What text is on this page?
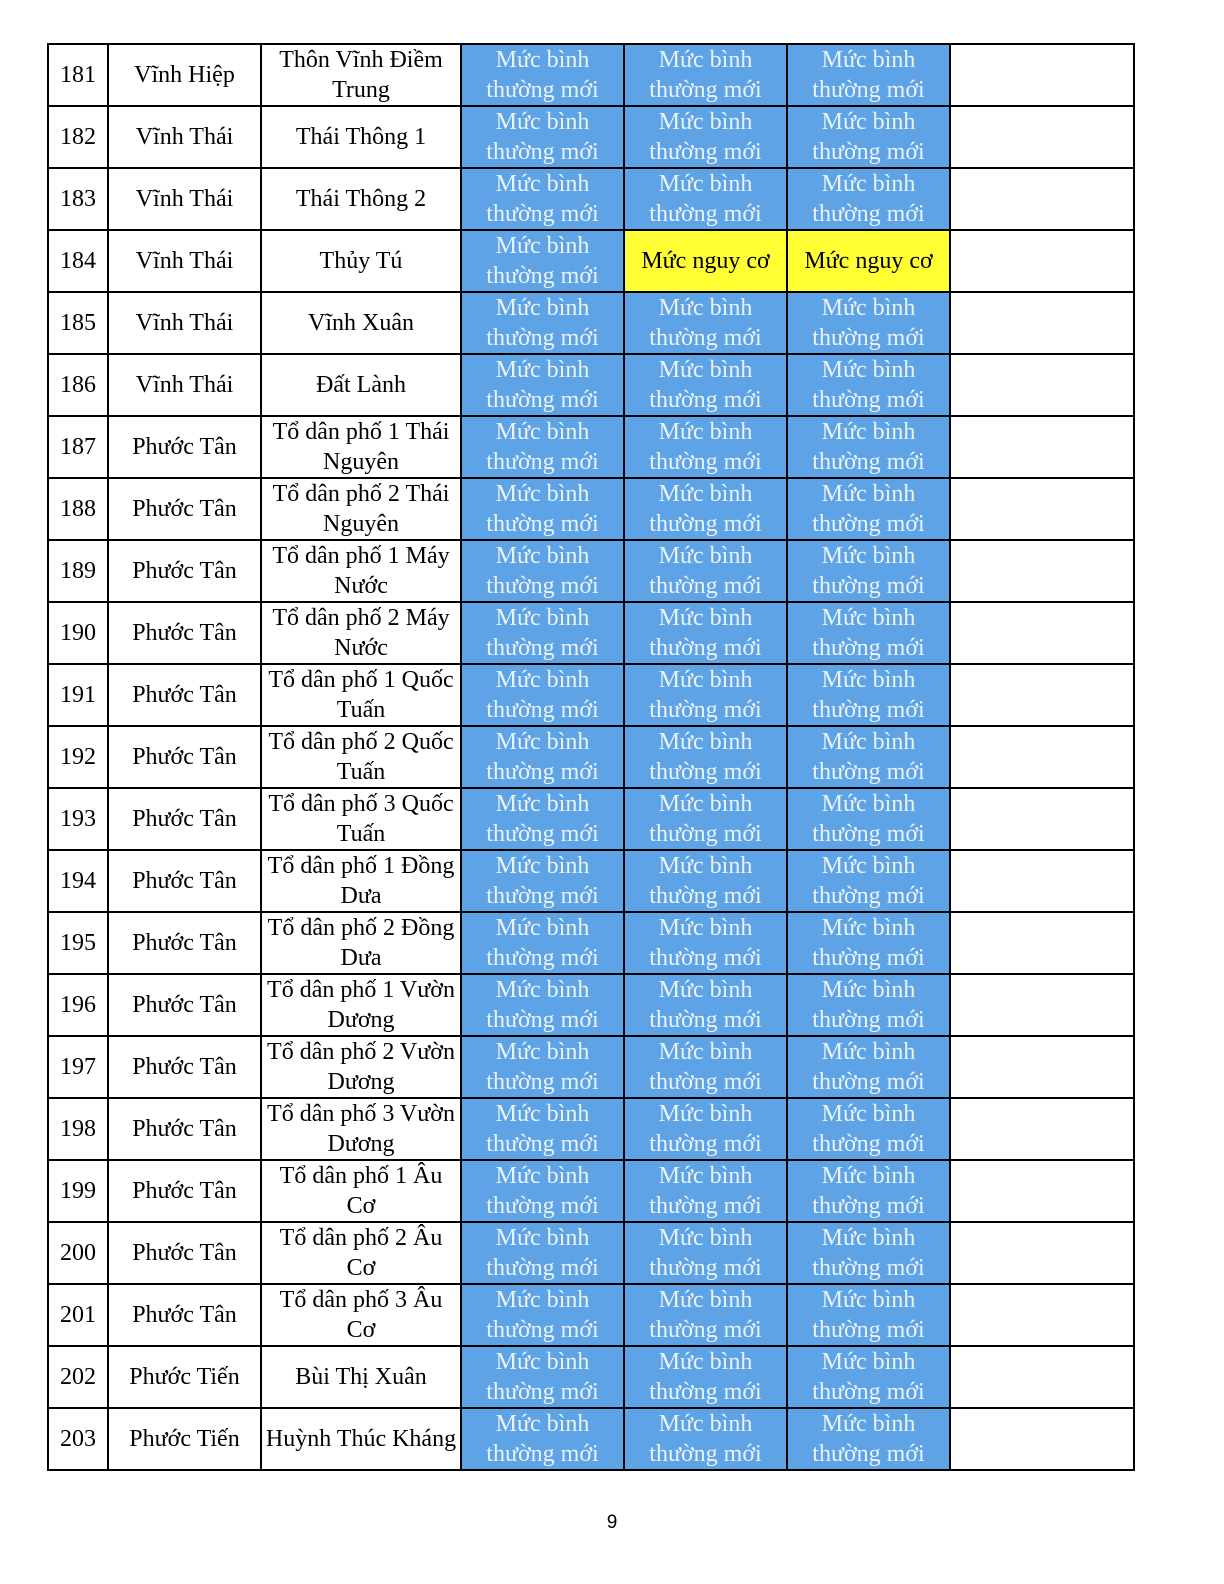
181	Vĩnh Hiệp	Thôn Vĩnh Điềm Trung	Mức bình thường mới	Mức bình thường mới	Mức bình thường mới	
182	Vĩnh Thái	Thái Thông 1	Mức bình thường mới	Mức bình thường mới	Mức bình thường mới	
183	Vĩnh Thái	Thái Thông 2	Mức bình thường mới	Mức bình thường mới	Mức bình thường mới	
184	Vĩnh Thái	Thủy Tú	Mức bình thường mới	Mức nguy cơ	Mức nguy cơ	
185	Vĩnh Thái	Vĩnh Xuân	Mức bình thường mới	Mức bình thường mới	Mức bình thường mới	
186	Vĩnh Thái	Đất Lành	Mức bình thường mới	Mức bình thường mới	Mức bình thường mới	
187	Phước Tân	Tổ dân phố 1 Thái Nguyên	Mức bình thường mới	Mức bình thường mới	Mức bình thường mới	
188	Phước Tân	Tổ dân phố 2 Thái Nguyên	Mức bình thường mới	Mức bình thường mới	Mức bình thường mới	
189	Phước Tân	Tổ dân phố 1 Máy Nước	Mức bình thường mới	Mức bình thường mới	Mức bình thường mới	
190	Phước Tân	Tổ dân phố 2 Máy Nước	Mức bình thường mới	Mức bình thường mới	Mức bình thường mới	
191	Phước Tân	Tổ dân phố 1 Quốc Tuấn	Mức bình thường mới	Mức bình thường mới	Mức bình thường mới	
192	Phước Tân	Tổ dân phố 2 Quốc Tuấn	Mức bình thường mới	Mức bình thường mới	Mức bình thường mới	
193	Phước Tân	Tổ dân phố 3 Quốc Tuấn	Mức bình thường mới	Mức bình thường mới	Mức bình thường mới	
194	Phước Tân	Tổ dân phố 1 Đồng Dưa	Mức bình thường mới	Mức bình thường mới	Mức bình thường mới	
195	Phước Tân	Tổ dân phố 2 Đồng Dưa	Mức bình thường mới	Mức bình thường mới	Mức bình thường mới	
196	Phước Tân	Tổ dân phố 1 Vườn Dương	Mức bình thường mới	Mức bình thường mới	Mức bình thường mới	
197	Phước Tân	Tổ dân phố 2 Vườn Dương	Mức bình thường mới	Mức bình thường mới	Mức bình thường mới	
198	Phước Tân	Tổ dân phố 3 Vườn Dương	Mức bình thường mới	Mức bình thường mới	Mức bình thường mới	
199	Phước Tân	Tổ dân phố 1 Âu Cơ	Mức bình thường mới	Mức bình thường mới	Mức bình thường mới	
200	Phước Tân	Tổ dân phố 2 Âu Cơ	Mức bình thường mới	Mức bình thường mới	Mức bình thường mới	
201	Phước Tân	Tổ dân phố 3 Âu Cơ	Mức bình thường mới	Mức bình thường mới	Mức bình thường mới	
202	Phước Tiến	Bùi Thị Xuân	Mức bình thường mới	Mức bình thường mới	Mức bình thường mới	
203	Phước Tiến	Huỳnh Thúc Kháng	Mức bình thường mới	Mức bình thường mới	Mức bình thường mới	
9
